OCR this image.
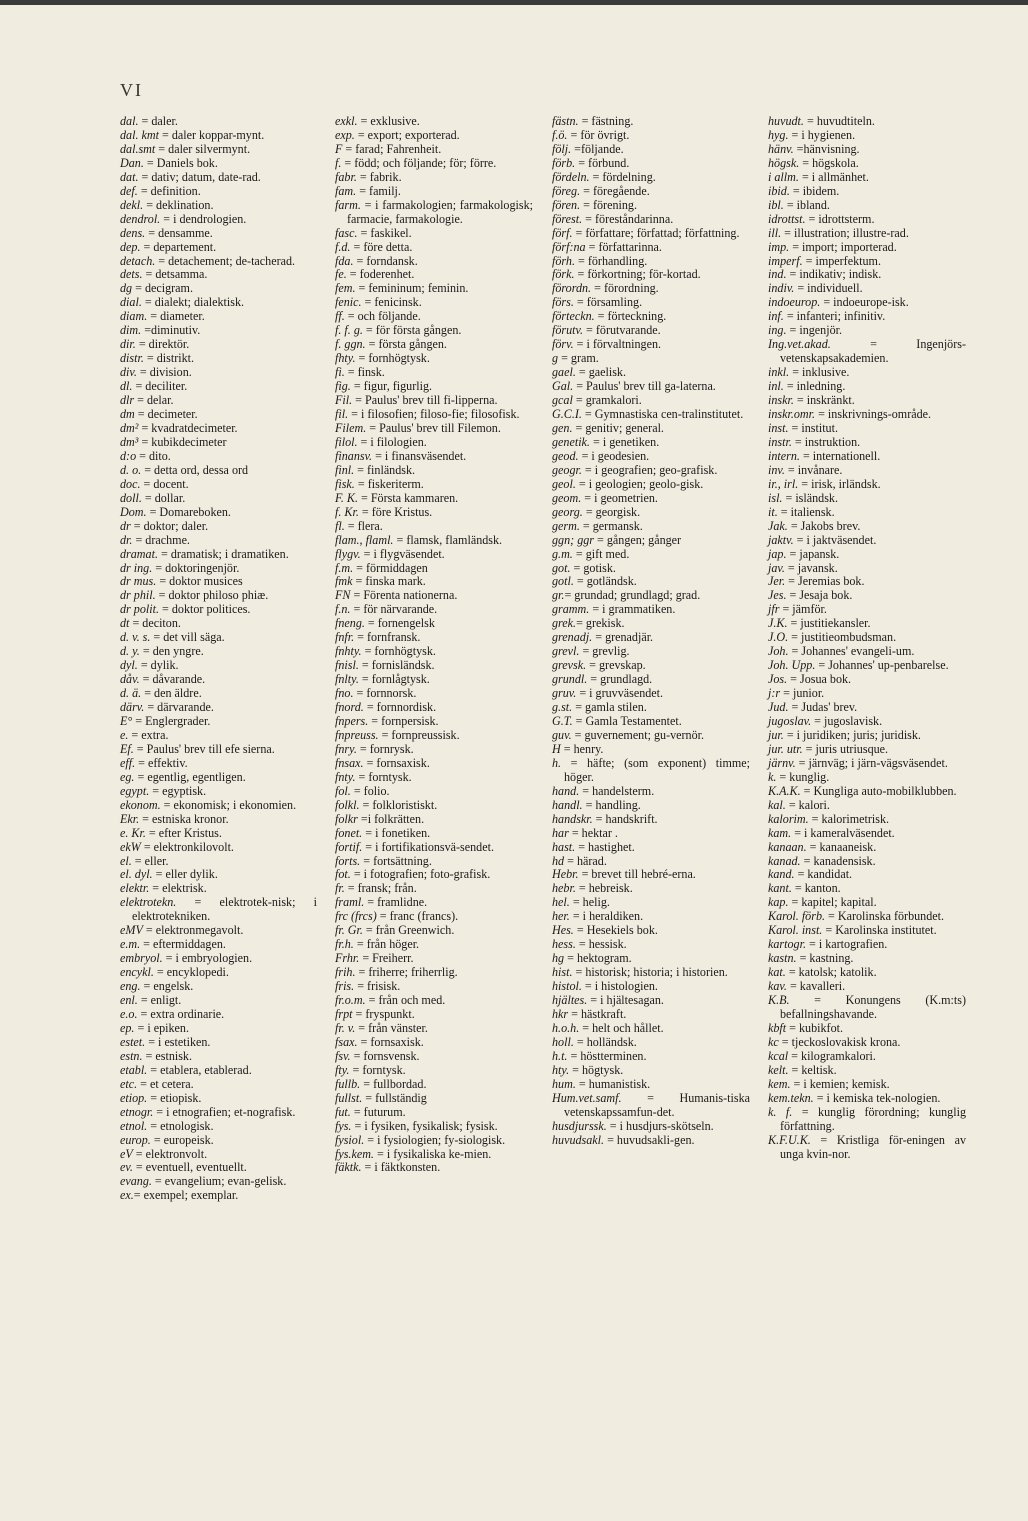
VI
dal. = daler.
dal. kmt = daler koppar-mynt.
dal.smt = daler silvermynt.
Dan. = Daniels bok.
dat. = dativ; datum, date-rad.
def. = definition.
dekl. = deklination.
dendrol. = i dendrologien.
dens. = densamme.
dep. = departement.
detach. = detachement; de-tacherad.
dets. = detsamma.
dg = decigram.
dial. = dialekt; dialektisk.
diam. = diameter.
dim. =diminutiv.
dir. = direktör.
distr. = distrikt.
div. = division.
dl. = deciliter.
dlr = delar.
dm = decimeter.
dm² = kvadratdecimeter.
dm³ = kubikdecimeter
d:o = dito.
d. o. = detta ord, dessa ord
doc. = docent.
doll. = dollar.
Dom. = Domareboken.
dr = doktor; daler.
dr. = drachme.
dramat. = dramatisk; i dramatiken.
dr ing. = doktoringenjör.
dr mus. = doktor musices
dr phil. = doktor philoso phiæ.
dr polit. = doktor politices.
dt = deciton.
d. v. s. = det vill säga.
d. y. = den yngre.
dyl. = dylik.
dåv. = dåvarande.
d. ä. = den äldre.
därv. = därvarande.
E° = Englergrader.
e. = extra.
Ef. = Paulus' brev till efe sierna.
eff. = effektiv.
eg. = egentlig, egentligen.
egypt. = egyptisk.
ekonom. = ekonomisk; i ekonomien.
Ekr. = estniska kronor.
e. Kr. = efter Kristus.
ekW = elektronkilovolt.
el. = eller.
el. dyl. = eller dylik.
elektr. = elektrisk.
elektrotekn. = elektrotek-nisk; i elektrotekniken.
eMV = elektronmegavolt.
e.m. = eftermiddagen.
embryol. = i embryologien.
encykl. = encyklopedi.
eng. = engelsk.
enl. = enligt.
e.o. = extra ordinarie.
ep. = i epiken.
estet. = i estetiken.
estn. = estnisk.
etabl. = etablera, etablerad.
etc. = et cetera.
etiop. = etiopisk.
etnogr. = i etnografien; et-nografisk.
etnol. = etnologisk.
europ. = europeisk.
eV = elektronvolt.
ev. = eventuell, eventuellt.
evang. = evangelium; evan-gelisk.
ex.= exempel; exemplar.
exkl. = exklusive.
exp. = export; exporterad.
F = farad; Fahrenheit.
f. = född; och följande; för; förre.
fabr. = fabrik.
fam. = familj.
farm. = i farmakologien; farmakologisk; farmacie, farmakologie.
fasc. = faskikel.
f.d. = före detta.
fda. = forndansk.
fe. = foderenhet.
fem. = femininum; feminin.
fenic. = fenicinsk.
ff. = och följande.
f. f. g. = för första gången.
f. ggn. = första gången.
fhty. = fornhögtysk.
fi. = finsk.
fig. = figur, figurlig.
Fil. = Paulus' brev till fi-lipperna.
fil. = i filosofien; filoso-fie; filosofisk.
Filem. = Paulus' brev till Filemon.
filol. = i filologien.
finansv. = i finansväsendet.
finl. = finländsk.
fisk. = fiskeriterm.
F. K. = Första kammaren.
f. Kr. = före Kristus.
fl. = flera.
flam., flaml. = flamsk, flamländsk.
flygv. = i flygväsendet.
f.m. = förmiddagen
fmk = finska mark.
FN = Förenta nationerna.
f.n. = för närvarande.
fneng. = fornengelsk
fnfr. = fornfransk.
fnhty. = fornhögtysk.
fnisl. = fornisländsk.
fnlty. = fornlågtysk.
fno. = fornnorsk.
fnord. = fornnordisk.
fnpers. = fornpersisk.
fnpreuss. = fornpreussisk.
fnry. = fornrysk.
fnsax. = fornsaxisk.
fnty. = forntysk.
fol. = folio.
folkl. = folkloristiskt.
folkr =i folkrätten.
fonet. = i fonetiken.
fortif. = i fortifikationsvä-sendet.
forts. = fortsättning.
fot. = i fotografien; foto-grafisk.
fr. = fransk; från.
framl. = framlidne.
frc (frcs) = franc (francs).
fr. Gr. = från Greenwich.
fr.h. = från höger.
Frhr. = Freiherr.
frih. = friherre; friherrlig.
fris. = frisisk.
fr.o.m. = från och med.
frpt = fryspunkt.
fr. v. = från vänster.
fsax. = fornsaxisk.
fsv. = fornsvensk.
fty. = forntysk.
fullb. = fullbordad.
fullst. = fullständig
fut. = futurum.
fys. = i fysiken, fysikalisk; fysisk.
fysiol. = i fysiologien; fy-siologisk.
fys.kem. = i fysikaliska ke-mien.
fäktk. = i fäktkonsten.
fästn. = fästning.
f.ö. = för övrigt.
följ. =följande.
förb. = förbund.
fördeln. = fördelning.
föreg. = föregående.
fören. = förening.
förest. = föreståndarinna.
förf. = författare; författad; författning.
förf:na = författarinna.
förh. = förhandling.
förk. = förkortning; för-kortad.
förordn. = förordning.
förs. = församling.
förteckn. = förteckning.
förutv. = förutvarande.
förv. = i förvaltningen.
g = gram.
gael. = gaelisk.
Gal. = Paulus' brev till ga-laterna.
gcal = gramkalori.
G.C.I. = Gymnastiska cen-tralinstitutet.
gen. = genitiv; general.
genetik. = i genetiken.
geod. = i geodesien.
geogr. = i geografien; geo-grafisk.
geol. = i geologien; geolo-gisk.
geom. = i geometrien.
georg. = georgisk.
germ. = germansk.
ggn; ggr = gången; gånger
g.m. = gift med.
got. = gotisk.
gotl. = gotländsk.
gr.= grundad; grundlagd; grad.
gramm. = i grammatiken.
grek.= grekisk.
grenadj. = grenadjär.
grevl. = grevlig.
grevsk. = grevskap.
grundl. = grundlagd.
gruv. = i gruvväsendet.
g.st. = gamla stilen.
G.T. = Gamla Testamentet.
guv. = guvernement; gu-vernör.
H = henry.
h. = häfte; (som exponent) timme; höger.
hand. = handelsterm.
handl. = handling.
handskr. = handskrift.
har = hektar .
hast. = hastighet.
hd = härad.
Hebr. = brevet till hebré-erna.
hebr. = hebreisk.
hel. = helig.
her. = i heraldiken.
Hes. = Hesekiels bok.
hess. = hessisk.
hg = hektogram.
hist. = historisk; historia; i historien.
histol. = i histologien.
hjältes. = i hjältesagan.
hkr = hästkraft.
h.o.h. = helt och hållet.
holl. = holländsk.
h.t. = höstterminen.
hty. = högtysk.
hum. = humanistisk.
Hum.vet.samf. = Humanis-tiska vetenskapssamfun-det.
husdjurssk. = i husdjurs-skötseln.
huvudsakl. = huvudsakli-gen.
huvudt. = huvudtiteln.
hyg. = i hygienen.
hänv. =hänvisning.
högsk. = högskola.
i allm. = i allmänhet.
ibid. = ibidem.
ibl. = ibland.
idrottst. = idrottsterm.
ill. = illustration; illustre-rad.
imp. = import; importerad.
imperf. = imperfektum.
ind. = indikativ; indisk.
indiv. = individuell.
indoeurop. = indoeurope-isk.
inf. = infanteri; infinitiv.
ing. = ingenjör.
Ing.vet.akad. = Ingenjörs-vetenskapsakademien.
inkl. = inklusive.
inl. = inledning.
inskr. = inskränkt.
inskr.omr. = inskrivnings-område.
inst. = institut.
instr. = instruktion.
intern. = internationell.
inv. = invånare.
ir., irl. = irisk, irländsk.
isl. = isländsk.
it. = italiensk.
Jak. = Jakobs brev.
jaktv. = i jaktväsendet.
jap. = japansk.
jav. = javansk.
Jer. = Jeremias bok.
Jes. = Jesaja bok.
jfr = jämför.
J.K. = justitiekansler.
J.O. = justitieombudsman.
Joh. = Johannes' evangeli-um.
Joh. Upp. = Johannes' up-penbarelse.
Jos. = Josua bok.
j:r = junior.
Jud. = Judas' brev.
jugoslav. = jugoslavisk.
jur. = i juridiken; juris; juridisk.
jur. utr. = juris utriusque.
järnv. = järnväg; i järn-vägsväsendet.
k. = kunglig.
K.A.K. = Kungliga auto-mobilklubben.
kal. = kalori.
kalorim. = kalorimetrisk.
kam. = i kameralväsendet.
kanaan. = kanaaneisk.
kanad. = kanadensisk.
kand. = kandidat.
kant. = kanton.
kap. = kapitel; kapital.
Karol. förb. = Karolinska förbundet.
Karol. inst. = Karolinska institutet.
kartogr. = i kartografien.
kastn. = kastning.
kat. = katolsk; katolik.
kav. = kavalleri.
K.B. = Konungens (K.m:ts) befallningshavande.
kbft = kubikfot.
kc = tjeckoslovakisk krona.
kcal = kilogramkalori.
kelt. = keltisk.
kem. = i kemien; kemisk.
kem.tekn. = i kemiska tek-nologien.
k. f. = kunglig förordning; kunglig författning.
K.F.U.K. = Kristliga för-eningen av unga kvin-nor.
